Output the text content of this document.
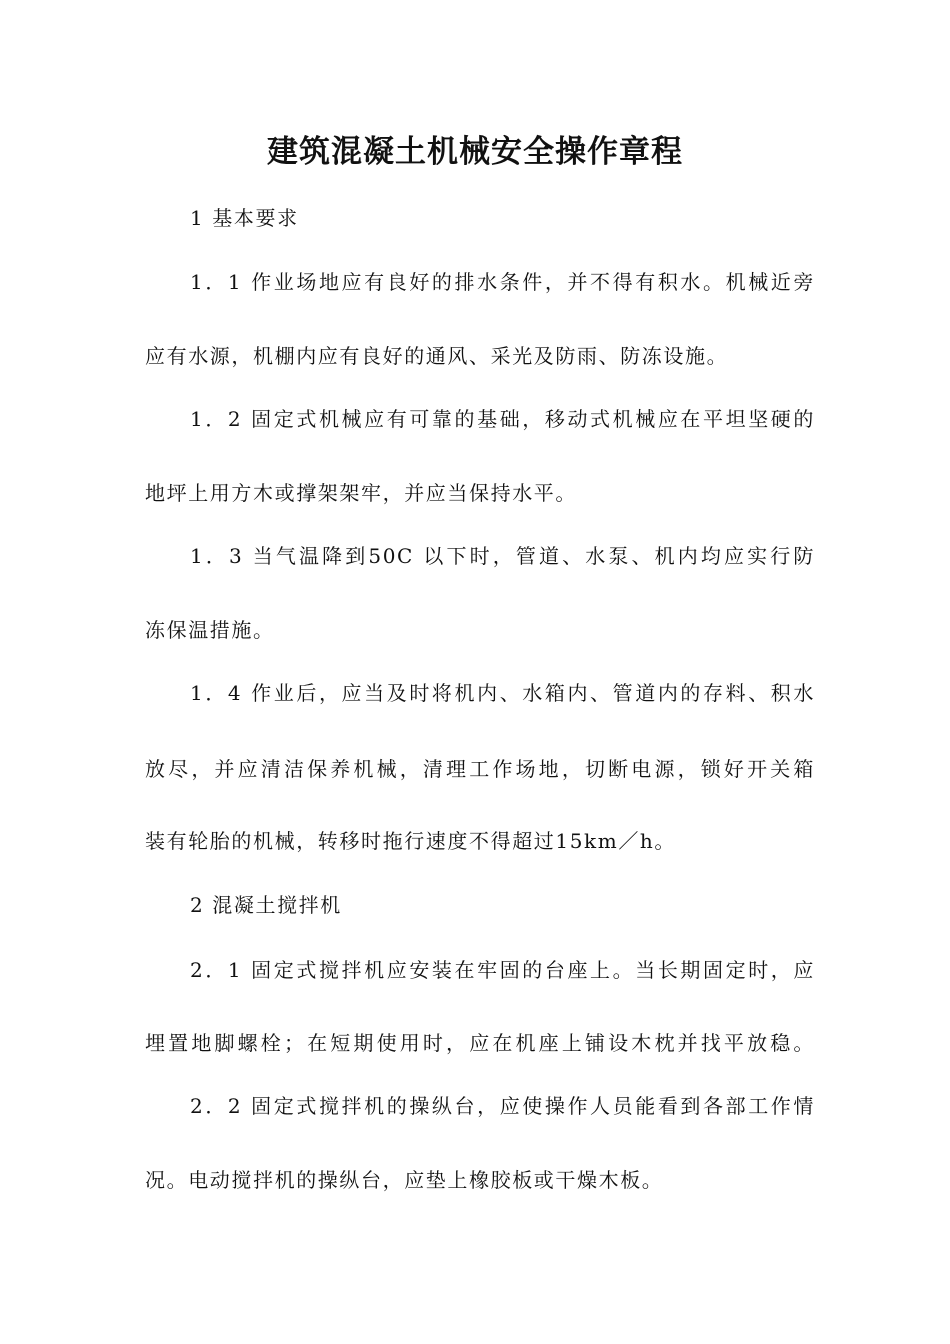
建筑混凝土机械安全操作章程
1 基本要求
1．1 作业场地应有良好的排水条件，并不得有积水。机械近旁
应有水源，机棚内应有良好的通风、采光及防雨、防冻设施。
1．2 固定式机械应有可靠的基础，移动式机械应在平坦坚硬的
地坪上用方木或撑架架牢，并应当保持水平。
1．3 当气温降到50C 以下时，管道、水泵、机内均应实行防
冻保温措施。
1．4 作业后，应当及时将机内、水箱内、管道内的存料、积水
放尽，并应清洁保养机械，清理工作场地，切断电源，锁好开关箱
装有轮胎的机械，转移时拖行速度不得超过15km／h。
2 混凝土搅拌机
2．1 固定式搅拌机应安装在牢固的台座上。当长期固定时，应
埋置地脚螺栓；在短期使用时，应在机座上铺设木枕并找平放稳。
2．2 固定式搅拌机的操纵台，应使操作人员能看到各部工作情
况。电动搅拌机的操纵台，应垫上橡胶板或干燥木板。
